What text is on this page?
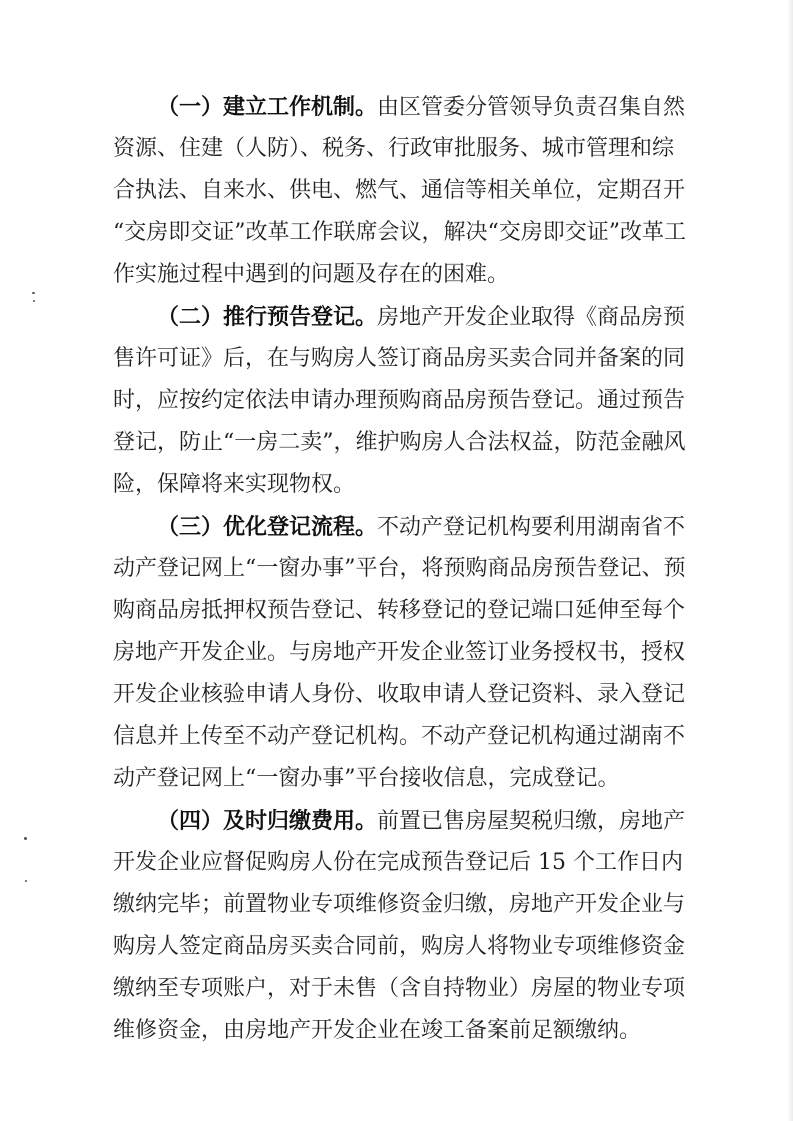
（一）建立工作机制。由区管委分管领导负责召集自然
资源、住建（人防）、税务、行政审批服务、城市管理和综
合执法、自来水、供电、燃气、通信等相关单位，定期召开
“交房即交证”改革工作联席会议，解决“交房即交证”改革工
作实施过程中遇到的问题及存在的困难。
（二）推行预告登记。房地产开发企业取得《商品房预
售许可证》后，在与购房人签订商品房买卖合同并备案的同
时，应按约定依法申请办理预购商品房预告登记。通过预告
登记，防止“一房二卖”，维护购房人合法权益，防范金融风
险，保障将来实现物权。
（三）优化登记流程。不动产登记机构要利用湖南省不
动产登记网上“一窗办事”平台，将预购商品房预告登记、预
购商品房抵押权预告登记、转移登记的登记端口延伸至每个
房地产开发企业。与房地产开发企业签订业务授权书，授权
开发企业核验申请人身份、收取申请人登记资料、录入登记
信息并上传至不动产登记机构。不动产登记机构通过湖南不
动产登记网上“一窗办事”平台接收信息，完成登记。
（四）及时归缴费用。前置已售房屋契税归缴，房地产
开发企业应督促购房人份在完成预告登记后 15 个工作日内
缴纳完毕；前置物业专项维修资金归缴，房地产开发企业与
购房人签定商品房买卖合同前，购房人将物业专项维修资金
缴纳至专项账户，对于未售（含自持物业）房屋的物业专项
维修资金，由房地产开发企业在竣工备案前足额缴纳。
